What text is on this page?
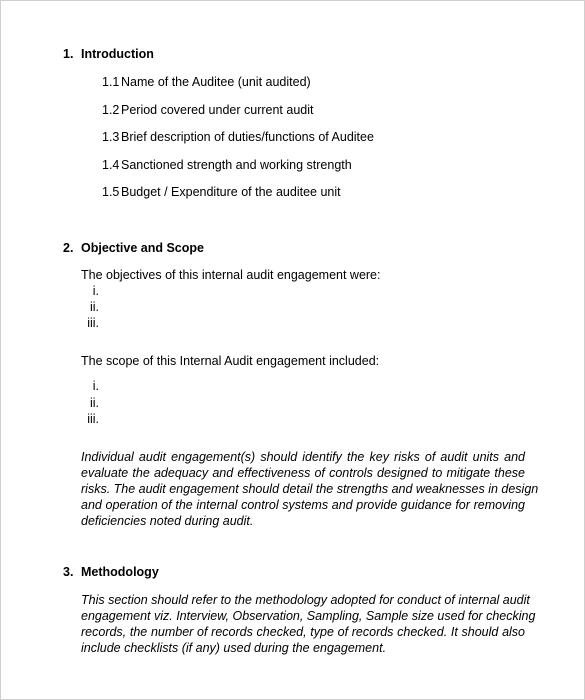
1. Introduction
1.1 Name of the Auditee (unit audited)
1.2 Period covered under current audit
1.3 Brief description of duties/functions of Auditee
1.4 Sanctioned strength and working strength
1.5 Budget / Expenditure of the auditee unit
2. Objective and Scope
The objectives of this internal audit engagement were:
i.
ii.
iii.
The scope of this Internal Audit engagement included:
i.
ii.
iii.
Individual audit engagement(s) should identify the key risks of audit units and
evaluate the adequacy and effectiveness of controls designed to mitigate these
risks. The audit engagement should detail the strengths and weaknesses in design
and operation of the internal control systems and provide guidance for removing
deficiencies noted during audit.
3. Methodology
This section should refer to the methodology adopted for conduct of internal audit
engagement viz. Interview, Observation, Sampling, Sample size used for checking
records, the number of records checked, type of records checked. It should also
include checklists (if any) used during the engagement.
